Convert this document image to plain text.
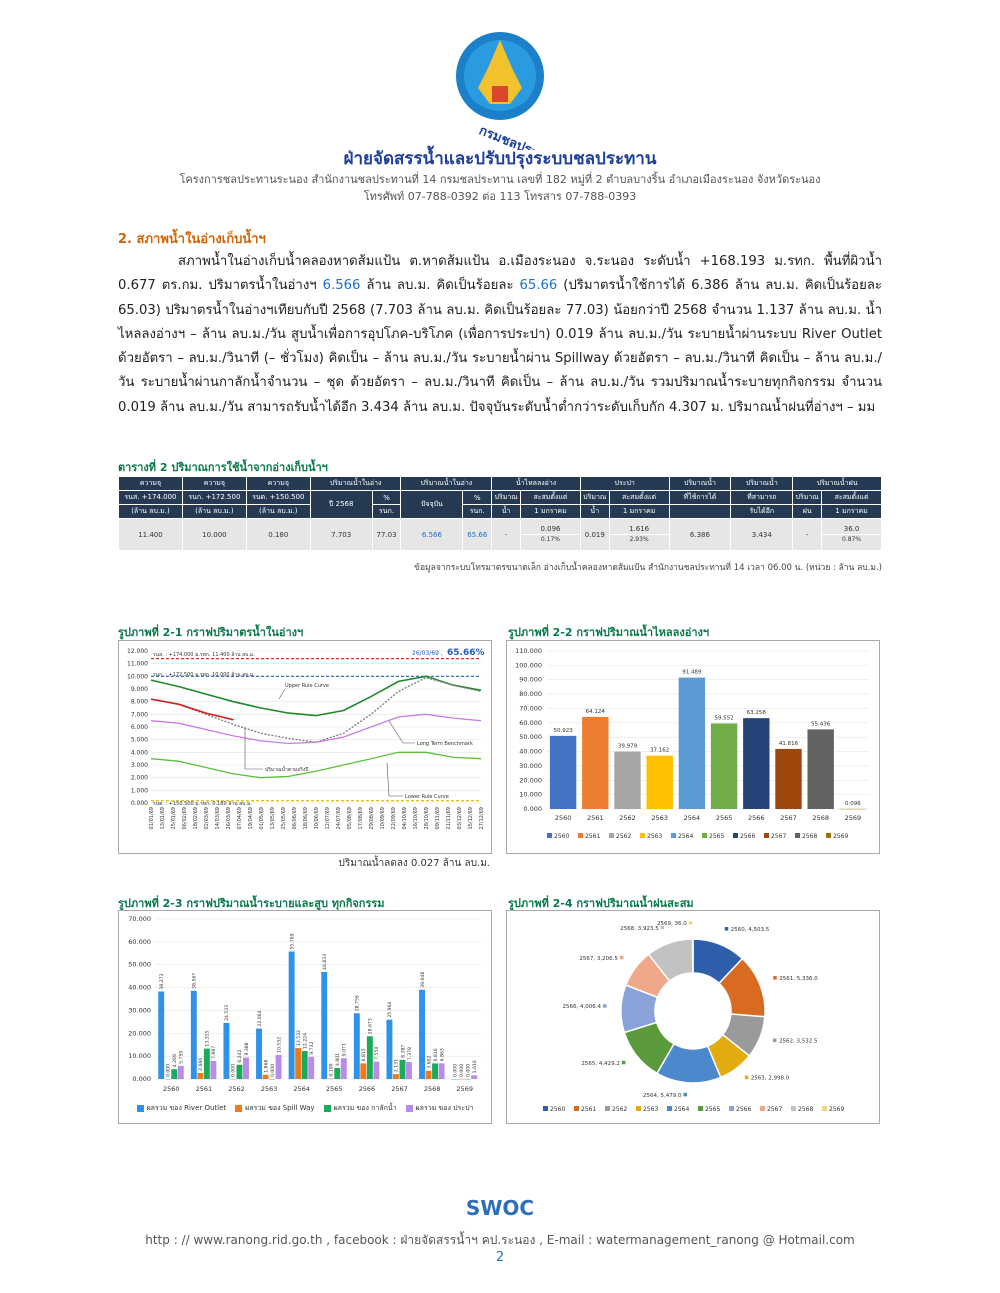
กรมชลประทาน
ฝ่ายจัดสรรน้ำและปรับปรุงระบบชลประทาน
โครงการชลประทานระนอง สำนักงานชลประทานที่ 14 กรมชลประทาน เลขที่ 182 หมู่ที่ 2 ตำบลบางริ้น อำเภอเมืองระนอง จังหวัดระนอง
โทรศัพท์ 07-788-0392 ต่อ 113 โทรสาร 07-788-0393
2. สภาพน้ำในอ่างเก็บน้ำฯ
สภาพน้ำในอ่างเก็บน้ำคลองหาดส้มแป้น ต.หาดส้มแป้น อ.เมืองระนอง จ.ระนอง ระดับน้ำ +168.193 ม.รทก. พื้นที่ผิวน้ำ 0.677 ตร.กม. ปริมาตรน้ำในอ่างฯ 6.566 ล้าน ลบ.ม. คิดเป็นร้อยละ 65.66 (ปริมาตรน้ำใช้การได้ 6.386 ล้าน ลบ.ม. คิดเป็นร้อยละ 65.03) ปริมาตรน้ำในอ่างฯเทียบกับปี 2568 (7.703 ล้าน ลบ.ม. คิดเป็นร้อยละ 77.03) น้อยกว่าปี 2568 จำนวน 1.137 ล้าน ลบ.ม. น้ำไหลลงอ่างฯ – ล้าน ลบ.ม./วัน สูบน้ำเพื่อการอุปโภค-บริโภค (เพื่อการประปา) 0.019 ล้าน ลบ.ม./วัน ระบายน้ำผ่านระบบ River Outlet ด้วยอัตรา – ลบ.ม./วินาที (– ชั่วโมง) คิดเป็น – ล้าน ลบ.ม./วัน ระบายน้ำผ่าน Spillway ด้วยอัตรา – ลบ.ม./วินาที คิดเป็น – ล้าน ลบ.ม./วัน ระบายน้ำผ่านกาลักน้ำจำนวน – ชุด ด้วยอัตรา – ลบ.ม./วินาที คิดเป็น – ล้าน ลบ.ม./วัน รวมปริมาณน้ำระบายทุกกิจกรรม จำนวน 0.019 ล้าน ลบ.ม./วัน สามารถรับน้ำได้อีก 3.434 ล้าน ลบ.ม. ปัจจุบันระดับน้ำต่ำกว่าระดับเก็บกัก 4.307 ม. ปริมาณน้ำฝนที่อ่างฯ – มม
ตารางที่ 2 ปริมาณการใช้น้ำจากอ่างเก็บน้ำฯ
ความจุ	ความจุ	ความจุ	ปริมาณน้ำในอ่าง		ปริมาณน้ำในอ่าง		น้ำไหลลงอ่าง		ประปา		ปริมาณน้ำ	ปริมาณน้ำ	ปริมาณน้ำฝน	
รนส. +174.000	รนก. +172.500	รนต. +150.500	ปี 2568	%	ปัจจุบัน	%	ปริมาณ	สะสมตั้งแต่	ปริมาณ	สะสมตั้งแต่	ที่ใช้การได้	ที่สามารถ	ปริมาณ	สะสมตั้งแต่
(ล้าน ลบ.ม.)	(ล้าน ลบ.ม.)	(ล้าน ลบ.ม.)		รนก.		รนก.	น้ำ	1 มกราคม	น้ำ	1 มกราคม		รับได้อีก	ฝน	1 มกราคม
11.400	10.000	0.180	7.703	77.03	6.566	65.66	-	0.096	0.019	1.616	6.386	3.434	-	36.0
								0.17%		2.93%				0.87%
ข้อมูลจากระบบโทรมาตรขนาดเล็ก อ่างเก็บน้ำคลองหาดส้มแป้น สำนักงานชลประทานที่ 14 เวลา 06.00 น. (หน่วย : ล้าน ลบ.ม.)
รูปภาพที่ 2-1 กราฟปริมาตรน้ำในอ่างฯ
12.000
11.000
10.000
9.000
8.000
7.000
6.000
5.000
4.000
3.000
2.000
1.000
0.000
01/01/69 13/01/69 25/01/69 06/02/69 18/02/69 02/03/69 14/03/69 26/03/69 07/04/69 19/04/69 01/05/69 13/05/69 25/05/69 06/06/69 18/06/69 30/06/69 12/07/69 24/07/69 05/08/69 17/08/69 29/08/69 10/09/69 22/09/69 04/10/69 16/10/69 28/10/69 09/11/69 21/11/69 03/12/69 15/12/69 27/12/69
รนส. : +174.000 ม.รทก. 11.400 ล้าน ลบ.ม.
รนก. : +172.500 ม.รทก. 10.000 ล้าน ลบ.ม.
รนต. : +150.500 ม.รทก. 0.180 ล้าน ลบ.ม.
26/03/69 , 65.66%
Upper Rule Curve
Long Term Benchmark
ปริมาณน้ำตามจริงปี
Lower Rule Curve
ปริมาณน้ำลดลง 0.027 ล้าน ลบ.ม.
รูปภาพที่ 2-2 กราฟปริมาณน้ำไหลลงอ่างฯ
110.000
100.000
90.000
80.000
70.000
60.000
50.000
40.000
30.000
20.000
10.000
0.000
50.923
2560
64.124
2561
39.979
2562
37.162
2563
91.489
2564
59.552
2565
63.258
2566
41.816
2567
55.436
2568
0.096
2569
2560	2561	2562	2563	2564	2565	2566	2567	2568	2569
รูปภาพที่ 2-3 กราฟปริมาณน้ำระบายและสูบ ทุกกิจกรรม
70.000
60.000
50.000
40.000
30.000
20.000
10.000
0.000
38.273
0.000
4.269 5.750
2560
38.567
2.666
13.315
7.887
2561
24.533
0.000
6.242
9.388
2562
22.064
1.868 0.000
10.532
2563
55.769
13.532 12.224 9.732
2564
46.833
0.199
4.801
9.071
2565
28.756
6.815
18.673
7.554
2566
25.964
2.131
8.387 7.378
2567
39.048
3.602
6.816 6.863
2568
0.000 0.000 0.000 1.616
2569
ผลรวม ของ River Outlet	ผลรวม ของ Spill Way	ผลรวม ของ กาลักน้ำ	ผลรวม ของ ประปา
รูปภาพที่ 2-4 กราฟปริมาณน้ำฝนสะสม
2560, 4,503.5
2561, 5,336.0
2562, 3,532.5
2563, 2,998.0
2564, 5,479.0
2565, 4,429.2
2566, 4,006.4
2567, 3,206.5
2568, 3,923.5
2569, 36.0
2560	2561	2562	2563	2564	2565	2566	2567	2568	2569
SWOC
http : // www.ranong.rid.go.th , facebook : ฝ่ายจัดสรรน้ำฯ คป.ระนอง , E-mail : watermanagement_ranong @ Hotmail.com
2
